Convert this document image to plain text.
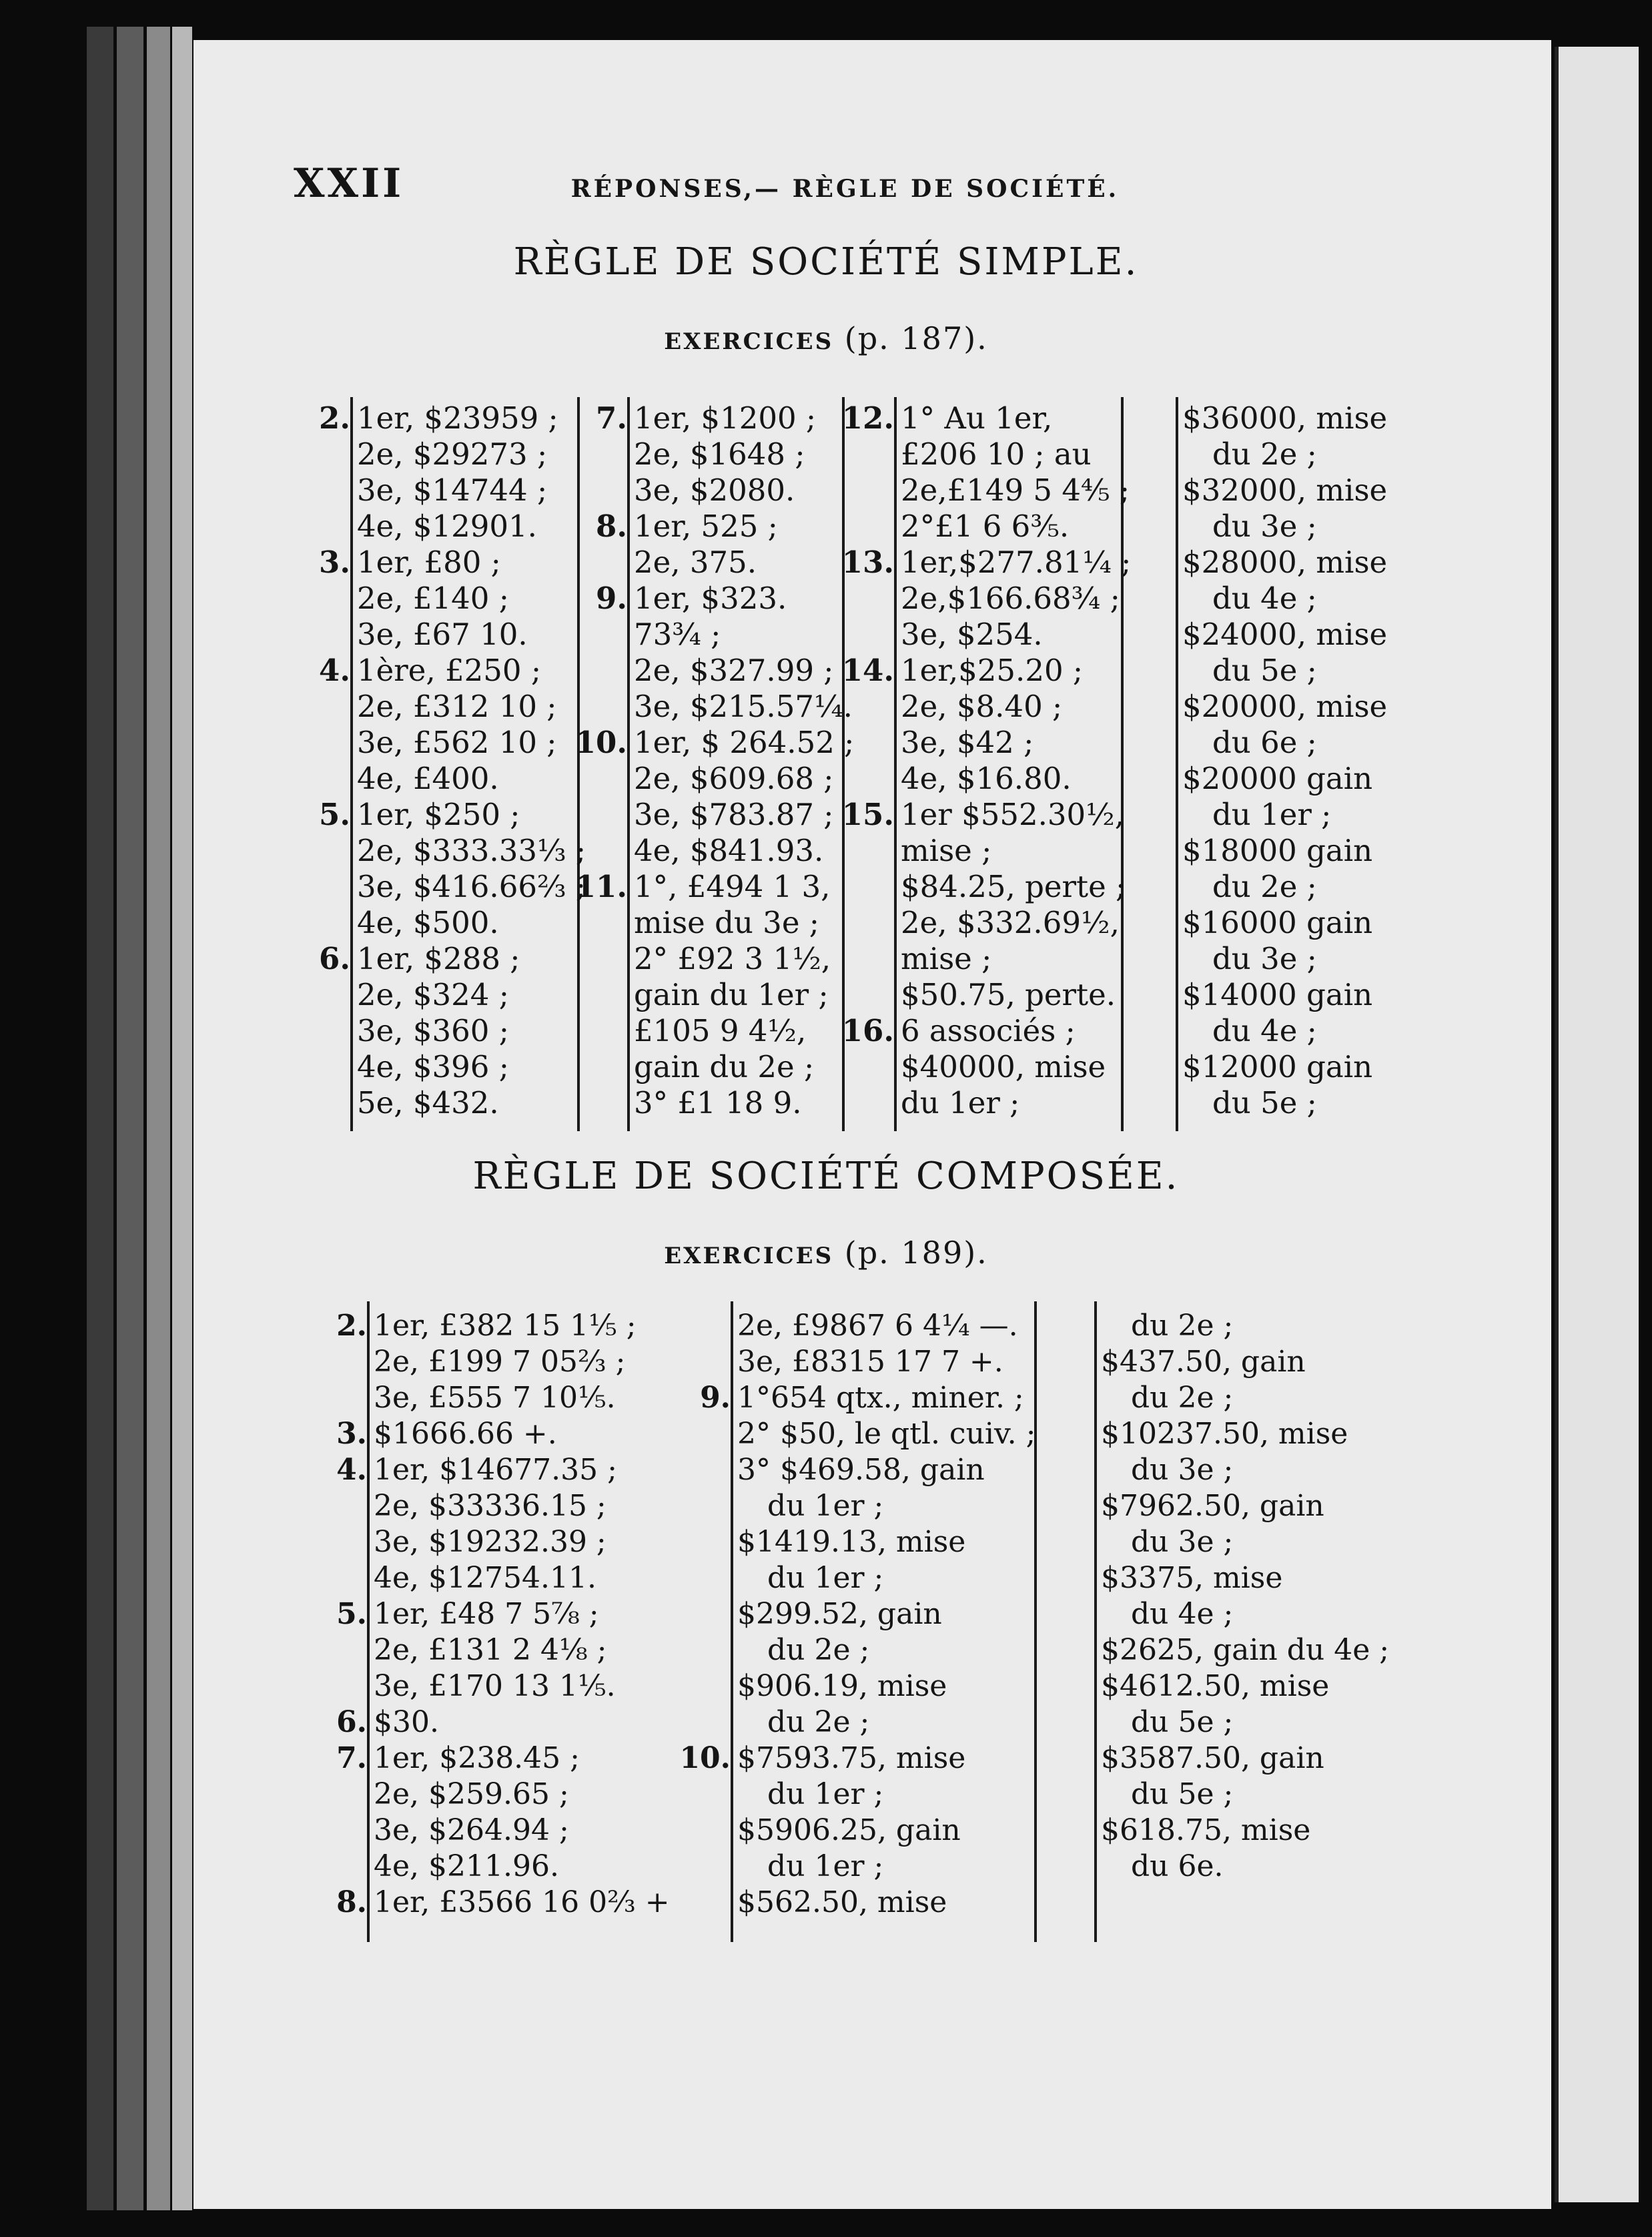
XXII	RÉPONSES,— RÈGLE DE SOCIÉTÉ.
RÈGLE DE SOCIÉTÉ SIMPLE.
EXERCICES (p. 187).
2. 1er, $23959 ;
2e, $29273 ;
3e, $14744 ;
4e, $12901.
3. 1er, £80 ;
2e, £140 ;
3e, £67 10.
4. 1ère, £250 ;
2e, £312 10 ;
3e, £562 10 ;
4e, £400.
5. 1er, $250 ;
2e, $333.33⅓ ;
3e, $416.66⅔ ;
4e, $500.
6. 1er, $288 ;
2e, $324 ;
3e, $360 ;
4e, $396 ;
5e, $432.
7. 1er, $1200 ;
2e, $1648 ;
3e, $2080.
8. 1er, 525 ;
2e, 375.
9. 1er, $323.
73¾ ;
2e, $327.99 ;
3e, $215.57¼.
10. 1er, $ 264.52 ;
2e, $609.68 ;
3e, $783.87 ;
4e, $841.93.
11. 1°, £494 1 3,
mise du 3e ;
2° £92 3 1½,
gain du 1er ;
£105 9 4½,
gain du 2e ;
3° £1 18 9.
12. 1° Au 1er,
£206 10 ; au
2e,£149 5 4⅘ ;
2°£1 6 6⅗.
13. 1er,$277.81¼ ;
2e,$166.68¾ ;
3e, $254.
14. 1er,$25.20 ;
2e, $8.40 ;
3e, $42 ;
4e, $16.80.
15. 1er $552.30½,
mise ;
$84.25, perte ;
2e, $332.69½,
mise ;
$50.75, perte.
16. 6 associés ;
$40000, mise
du 1er ;
$36000, mise
du 2e ;
$32000, mise
du 3e ;
$28000, mise
du 4e ;
$24000, mise
du 5e ;
$20000, mise
du 6e ;
$20000 gain
du 1er ;
$18000 gain
du 2e ;
$16000 gain
du 3e ;
$14000 gain
du 4e ;
$12000 gain
du 5e ;
RÈGLE DE SOCIÉTÉ COMPOSÉE.
EXERCICES (p. 189).
2. 1er, £382 15 1⅕ ;
2e, £199 7 05⅔ ;
3e, £555 7 10⅕.
3. $1666.66 +.
4. 1er, $14677.35 ;
2e, $33336.15 ;
3e, $19232.39 ;
4e, $12754.11.
5. 1er, £48 7 5⅞ ;
2e, £131 2 4⅛ ;
3e, £170 13 1⅕.
6. $30.
7. 1er, $238.45 ;
2e, $259.65 ;
3e, $264.94 ;
4e, $211.96.
8. 1er, £3566 16 0⅔ +
2e, £9867 6 4¼ —.
3e, £8315 17 7 +.
9. 1°654 qtx., miner. ;
2° $50, le qtl. cuiv. ;
3° $469.58, gain
du 1er ;
$1419.13, mise
du 1er ;
$299.52, gain
du 2e ;
$906.19, mise
du 2e ;
10. $7593.75, mise
du 1er ;
$5906.25, gain
du 1er ;
$562.50, mise
du 2e ;
$437.50, gain
du 2e ;
$10237.50, mise
du 3e ;
$7962.50, gain
du 3e ;
$3375, mise
du 4e ;
$2625, gain du 4e ;
$4612.50, mise
du 5e ;
$3587.50, gain
du 5e ;
$618.75, mise
du 6e.
